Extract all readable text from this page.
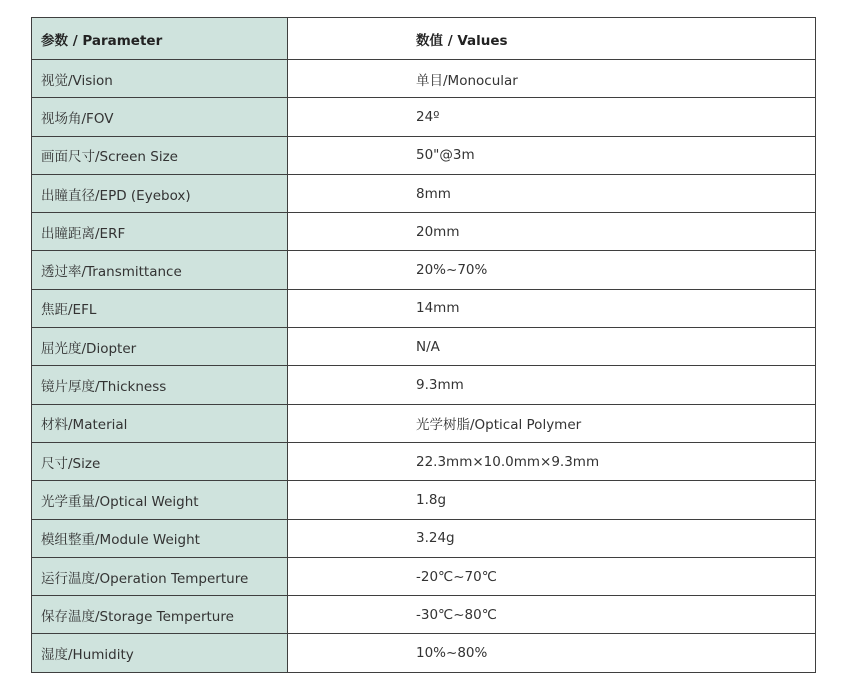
参数 / Parameter	数值 / Values
视觉/Vision	单目/Monocular
视场角/FOV	24º
画面尺寸/Screen Size	50"@3m
出瞳直径/EPD (Eyebox)	8mm
出瞳距离/ERF	20mm
透过率/Transmittance	20%~70%
焦距/EFL	14mm
屈光度/Diopter	N/A
镜片厚度/Thickness	9.3mm
材料/Material	光学树脂/Optical Polymer
尺寸/Size	22.3mm×10.0mm×9.3mm
光学重量/Optical Weight	1.8g
模组整重/Module Weight	3.24g
运行温度/Operation Temperture	-20℃~70℃
保存温度/Storage Temperture	-30℃~80℃
湿度/Humidity	10%~80%
